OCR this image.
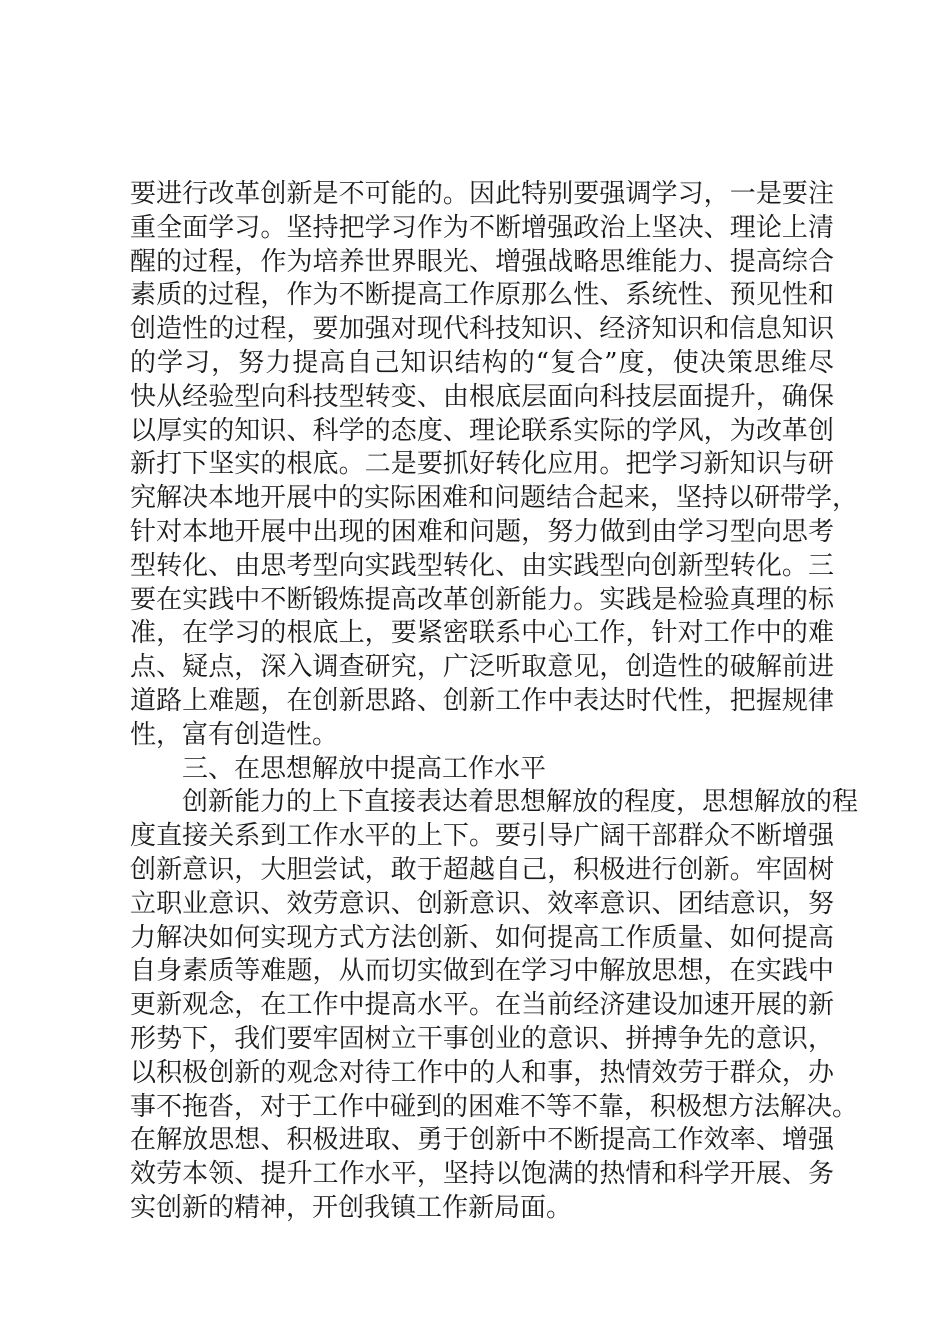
要进行改革创新是不可能的。因此特别要强调学习，一是要注
重全面学习。坚持把学习作为不断增强政治上坚决、理论上清
醒的过程，作为培养世界眼光、增强战略思维能力、提高综合
素质的过程，作为不断提高工作原那么性、系统性、预见性和
创造性的过程，要加强对现代科技知识、经济知识和信息知识
的学习，努力提高自己知识结构的“复合”度，使决策思维尽
快从经验型向科技型转变、由根底层面向科技层面提升，确保
以厚实的知识、科学的态度、理论联系实际的学风，为改革创
新打下坚实的根底。二是要抓好转化应用。把学习新知识与研
究解决本地开展中的实际困难和问题结合起来，坚持以研带学，
针对本地开展中出现的困难和问题，努力做到由学习型向思考
型转化、由思考型向实践型转化、由实践型向创新型转化。三
要在实践中不断锻炼提高改革创新能力。实践是检验真理的标
准，在学习的根底上，要紧密联系中心工作，针对工作中的难
点、疑点，深入调查研究，广泛听取意见，创造性的破解前进
道路上难题，在创新思路、创新工作中表达时代性，把握规律
性，富有创造性。
三、在思想解放中提高工作水平
创新能力的上下直接表达着思想解放的程度，思想解放的程
度直接关系到工作水平的上下。要引导广阔干部群众不断增强
创新意识，大胆尝试，敢于超越自己，积极进行创新。牢固树
立职业意识、效劳意识、创新意识、效率意识、团结意识，努
力解决如何实现方式方法创新、如何提高工作质量、如何提高
自身素质等难题，从而切实做到在学习中解放思想，在实践中
更新观念，在工作中提高水平。在当前经济建设加速开展的新
形势下，我们要牢固树立干事创业的意识、拼搏争先的意识，
以积极创新的观念对待工作中的人和事，热情效劳于群众，办
事不拖沓，对于工作中碰到的困难不等不靠，积极想方法解决。
在解放思想、积极进取、勇于创新中不断提高工作效率、增强
效劳本领、提升工作水平，坚持以饱满的热情和科学开展、务
实创新的精神，开创我镇工作新局面。
